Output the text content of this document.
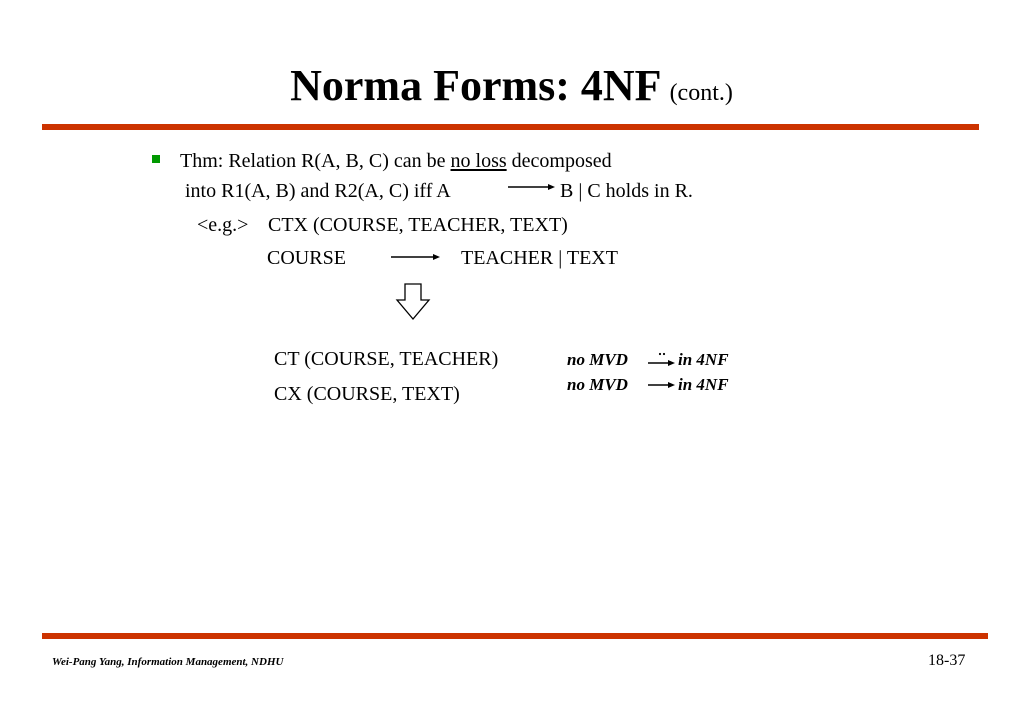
Norma Forms: 4NF (cont.)
Thm: Relation R(A, B, C) can be no loss decomposed
into R1(A, B) and R2(A, C) iff A	B | C holds in R.
<e.g.> CTX (COURSE, TEACHER, TEXT)
COURSE	TEACHER | TEXT
CT (COURSE, TEACHER)	no MVD	in 4NF
CX (COURSE, TEXT)	no MVD	in 4NF
Wei-Pang Yang, Information Management, NDHU	18-37
